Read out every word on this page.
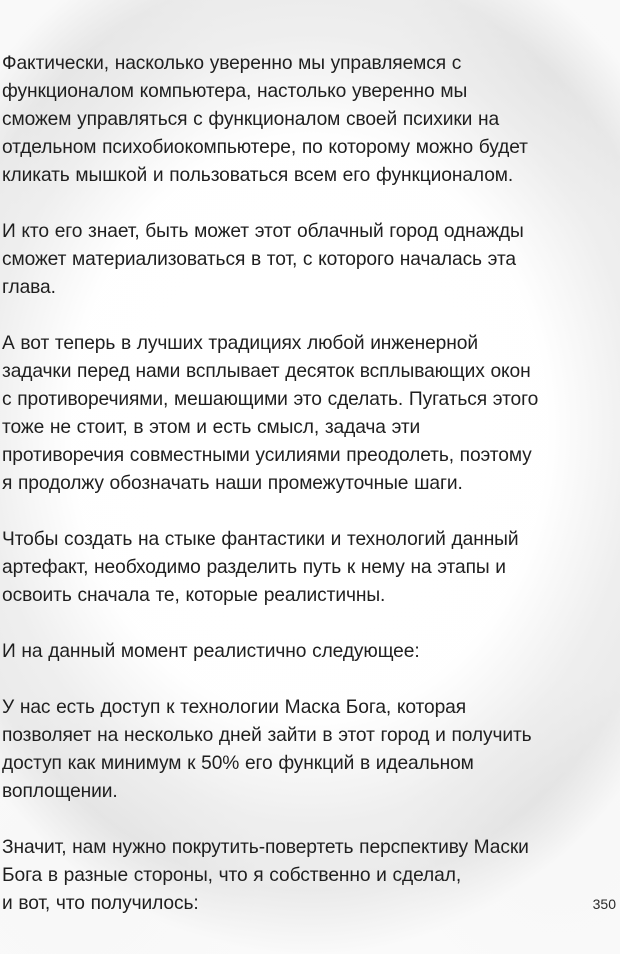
Фактически, насколько уверенно мы управляемся с
функционалом компьютера, настолько уверенно мы
сможем управляться с функционалом своей психики на
отдельном психобиокомпьютере, по которому можно будет
кликать мышкой и пользоваться всем его функционалом.
И кто его знает, быть может этот облачный город однажды
сможет материализоваться в тот, с которого началась эта
глава.
А вот теперь в лучших традициях любой инженерной
задачки перед нами всплывает десяток всплывающих окон
с противоречиями, мешающими это сделать. Пугаться этого
тоже не стоит, в этом и есть смысл, задача эти
противоречия совместными усилиями преодолеть, поэтому
я продолжу обозначать наши промежуточные шаги.
Чтобы создать на стыке фантастики и технологий данный
артефакт, необходимо разделить путь к нему на этапы и
освоить сначала те, которые реалистичны.
И на данный момент реалистично следующее:
У нас есть доступ к технологии Маска Бога, которая
позволяет на несколько дней зайти в этот город и получить
доступ как минимум к 50% его функций в идеальном
воплощении.
Значит, нам нужно покрутить-повертеть перспективу Маски
Бога в разные стороны, что я собственно и сделал,
и вот, что получилось:	350
